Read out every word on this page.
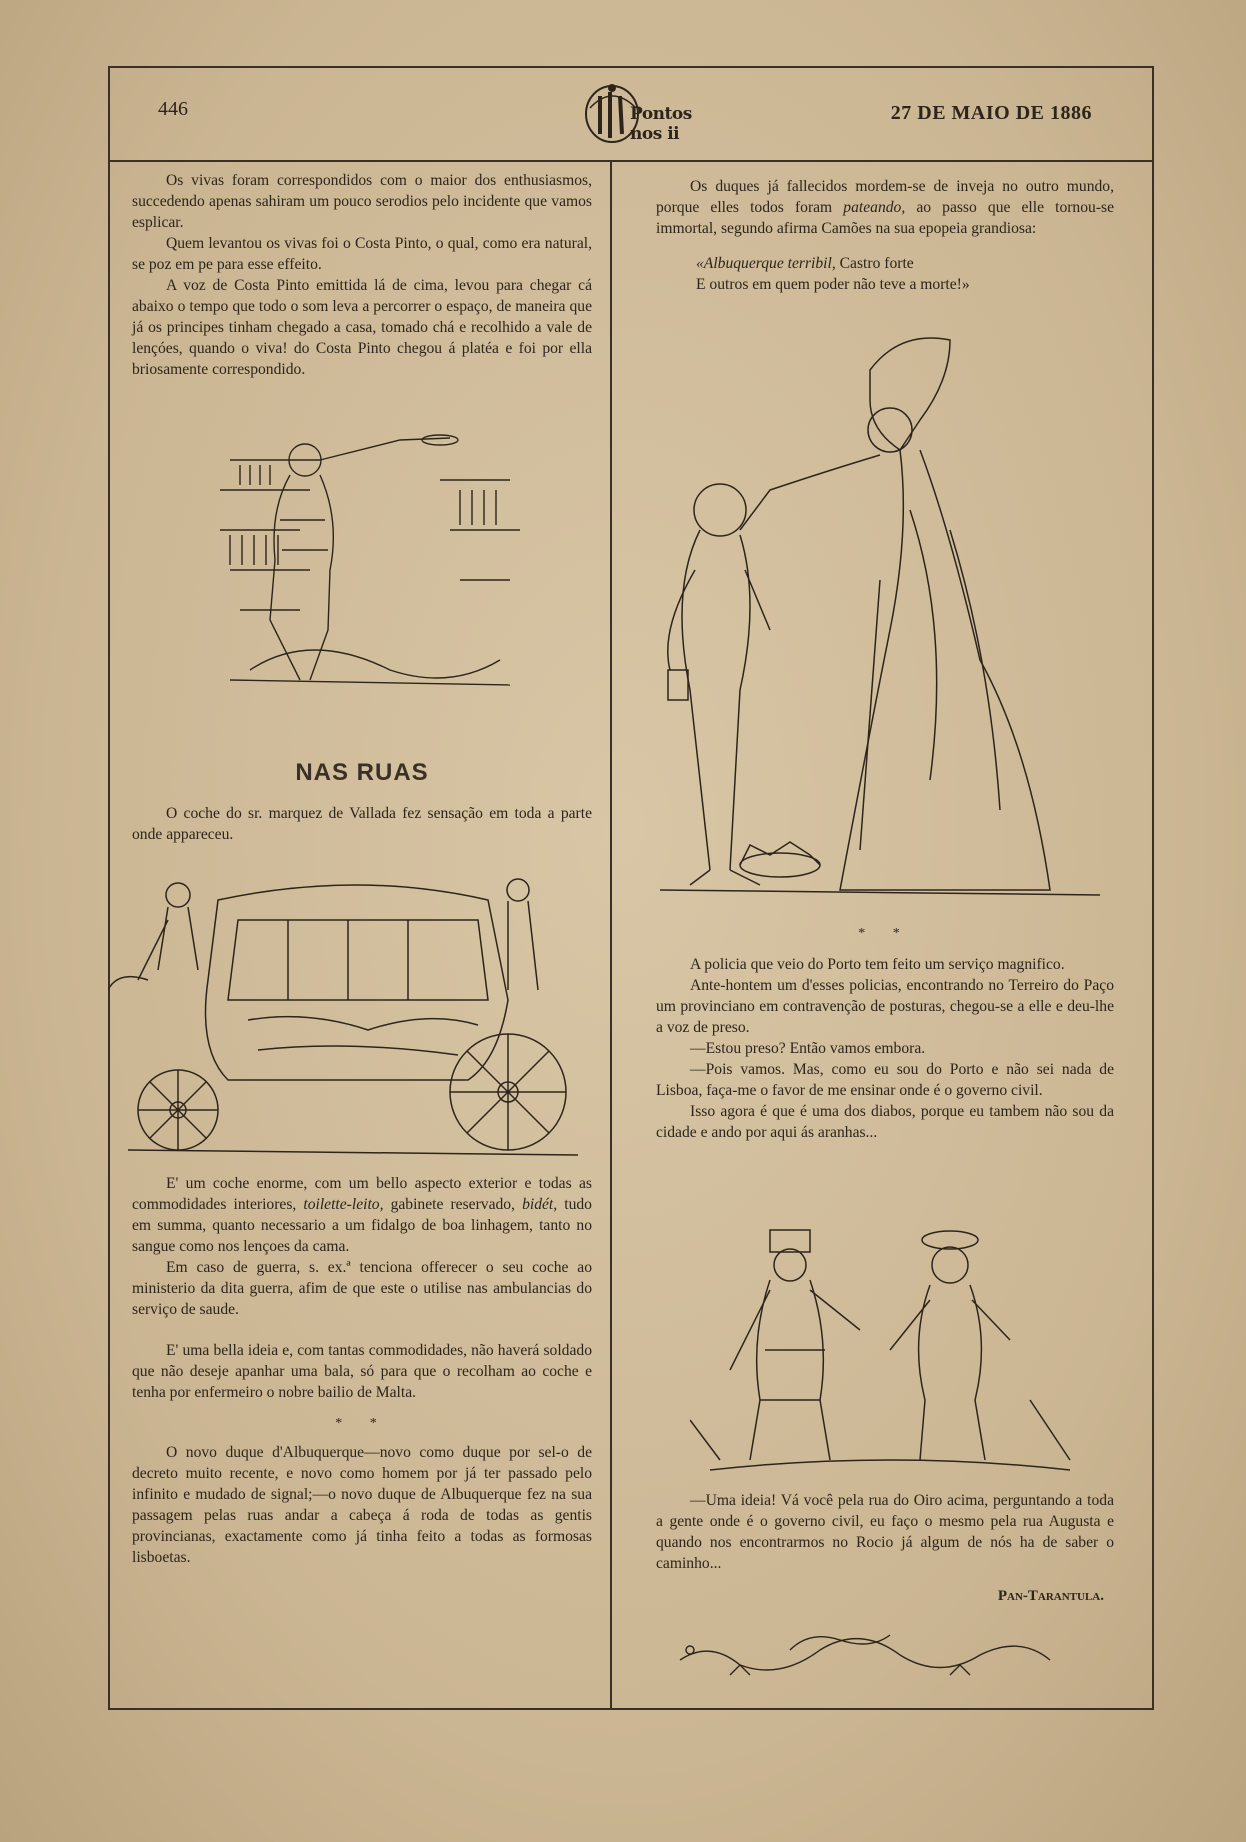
446	Pontos nos ii
27 DE MAIO DE 1886

Os vivas foram correspondidos com o maior dos enthusiasmos, succedendo apenas sahiram um pouco serodios pelo incidente que vamos esplicar.

Quem levantou os vivas foi o Costa Pinto, o qual, como era natural, se poz em pe para esse effeito.

A voz de Costa Pinto emittida lá de cima, levou para chegar cá abaixo o tempo que todo o som leva a percorrer o espaço, de maneira que já os principes tinham chegado a casa, tomado chá e recolhido a vale de lençóes, quando o viva! do Costa Pinto chegou á platéa e foi por ella briosamente correspondido.

NAS RUAS

O coche do sr. marquez de Vallada fez sensação em toda a parte onde appareceu.

E' um coche enorme, com um bello aspecto exterior e todas as commodidades interiores, toilette-leito, gabinete reservado, bidét, tudo em summa, quanto necessario a um fidalgo de boa linhagem, tanto no sangue como nos lençoes da cama.

Em caso de guerra, s. ex.ª tenciona offerecer o seu coche ao ministerio da dita guerra, afim de que este o utilise nas ambulancias do serviço de saude.

E' uma bella ideia e, com tantas commodidades, não haverá soldado que não deseje apanhar uma bala, só para que o recolham ao coche e tenha por enfermeiro o nobre bailio de Malta.

* *

O novo duque d'Albuquerque—novo como duque por sel-o de decreto muito recente, e novo como homem por já ter passado pelo infinito e mudado de signal;—o novo duque de Albuquerque fez na sua passagem pelas ruas andar a cabeça á roda de todas as gentis provincianas, exactamente como já tinha feito a todas as formosas lisboetas.

Os duques já fallecidos mordem-se de inveja no outro mundo, porque elles todos foram pateando, ao passo que elle tornou-se immortal, segundo afirma Camões na sua epopeia grandiosa:

«Albuquerque terribil, Castro forte
E outros em quem poder não teve a morte!»
* *

A policia que veio do Porto tem feito um serviço magnifico.

Ante-hontem um d'esses policias, encontrando no Terreiro do Paço um provinciano em contravenção de posturas, chegou-se a elle e deu-lhe a voz de preso.

—Estou preso? Então vamos embora.

—Pois vamos. Mas, como eu sou do Porto e não sei nada de Lisboa, faça-me o favor de me ensinar onde é o governo civil.

Isso agora é que é uma dos diabos, porque eu tambem não sou da cidade e ando por aqui ás aranhas...

—Uma ideia! Vá você pela rua do Oiro acima, perguntando a toda a gente onde é o governo civil, eu faço o mesmo pela rua Augusta e quando nos encontrarmos no Rocio já algum de nós ha de saber o caminho...

Pan-Tarantula.
